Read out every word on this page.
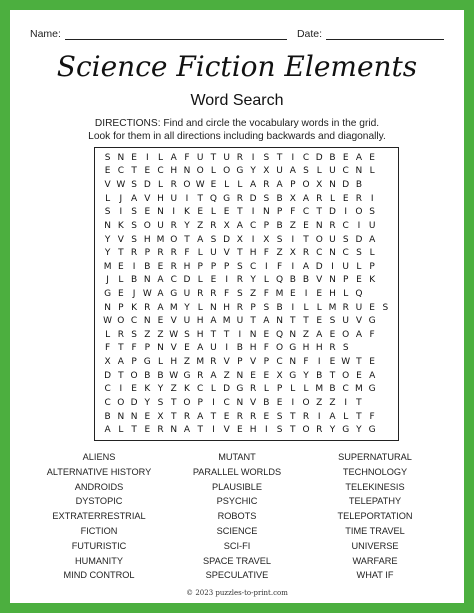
Name:	Date:
Science Fiction Elements
Word Search
DIRECTIONS: Find and circle the vocabulary words in the grid.
Look for them in all directions including backwards and diagonally.
S N E	I	L A F U T U R I	S T	I C D B E A E
E C T E C H N O L O G Y X U A S L U C N L
V W S D L R O W E L L A R A P O X N D B
L	J A V H U I	T Q G R D S B X A R L E R I
S	I	S E N I K E L E T	I N P F C T D I O S
N K S O U R Y Z R X A C P B Z E N R C I U
Y V S H M O T A S D X I X S	I	T O U S D A
Y T R P R R F L U V T H F Z X R C N C S L
M E	I B E R H P P P S C I	F	I A D I U L P
J	L B N A C D L E	I R Y L Q B B V N P E K
G E	J W A G U R R F S Z F M E	I	E H L Q
N P K R A M Y L N H R P S B I	L L M R U E S
W O C N E V U H A M U T A N T T E S U V G
L R S Z Z W S H T T	I N E Q N Z A E O A F
F T F P N V E A U I B H F O G H H R S
X A P G L H Z M R V P V P C N F	I	E W T E
D T O B B W G R A Z N E E X G Y B T O E A
C I	E K Y Z K C L D G R L P L L M B C M G
C O D Y S T O P	I C N V B E	I O Z Z I	T
B N N E X T R A T E R R E S T R I A L T F
A L T E R N A T	I V E H I	S T O R Y G Y G
ALIENS	MUTANT	SUPERNATURAL
ALTERNATIVE HISTORY	PARALLEL WORLDS	TECHNOLOGY
ANDROIDS	PLAUSIBLE	TELEKINESIS
DYSTOPIC	PSYCHIC	TELEPATHY
EXTRATERRESTRIAL	ROBOTS	TELEPORTATION
FICTION	SCIENCE	TIME TRAVEL
FUTURISTIC	SCI-FI	UNIVERSE
HUMANITY	SPACE TRAVEL	WARFARE
MIND CONTROL	SPECULATIVE	WHAT IF
© 2023 puzzles-to-print.com
